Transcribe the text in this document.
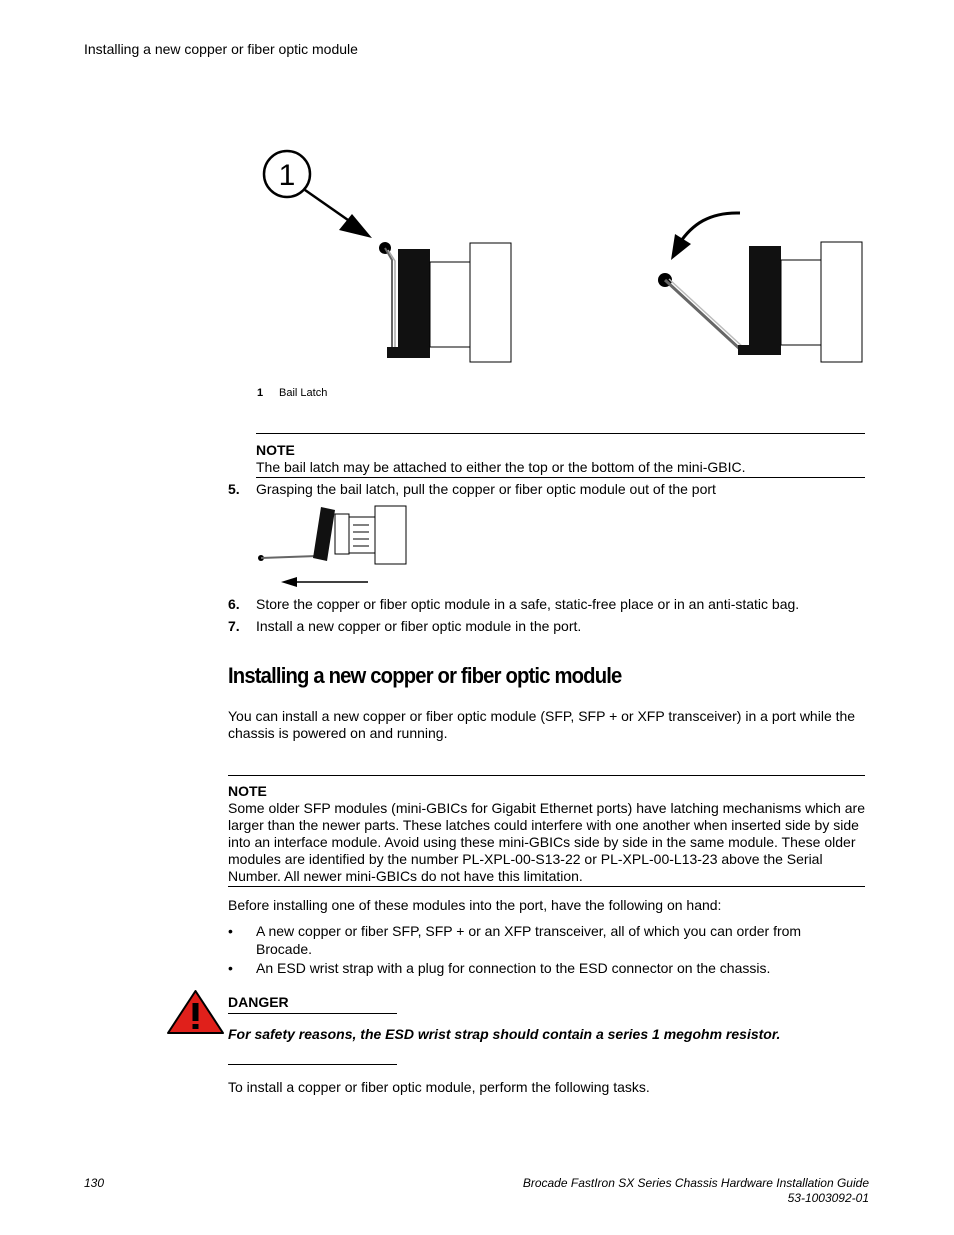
Installing a new copper or fiber optic module
1
1 Bail Latch
NOTE
The bail latch may be attached to either the top or the bottom of the mini-GBIC.
5. Grasping the bail latch, pull the copper or fiber optic module out of the port
6. Store the copper or fiber optic module in a safe, static-free place or in an anti-static bag.
7. Install a new copper or fiber optic module in the port.
Installing a new copper or fiber optic module
You can install a new copper or fiber optic module (SFP, SFP + or XFP transceiver) in a port while the chassis is powered on and running.
NOTE
Some older SFP modules (mini-GBICs for Gigabit Ethernet ports) have latching mechanisms which are larger than the newer parts. These latches could interfere with one another when inserted side by side into an interface module. Avoid using these mini-GBICs side by side in the same module. These older modules are identified by the number PL-XPL-00-S13-22 or PL-XPL-00-L13-23 above the Serial Number. All newer mini-GBICs do not have this limitation.
Before installing one of these modules into the port, have the following on hand:
• A new copper or fiber SFP, SFP + or an XFP transceiver, all of which you can order from Brocade.
• An ESD wrist strap with a plug for connection to the ESD connector on the chassis.
DANGER
For safety reasons, the ESD wrist strap should contain a series 1 megohm resistor.
To install a copper or fiber optic module, perform the following tasks.
130	Brocade FastIron SX Series Chassis Hardware Installation Guide
53-1003092-01
